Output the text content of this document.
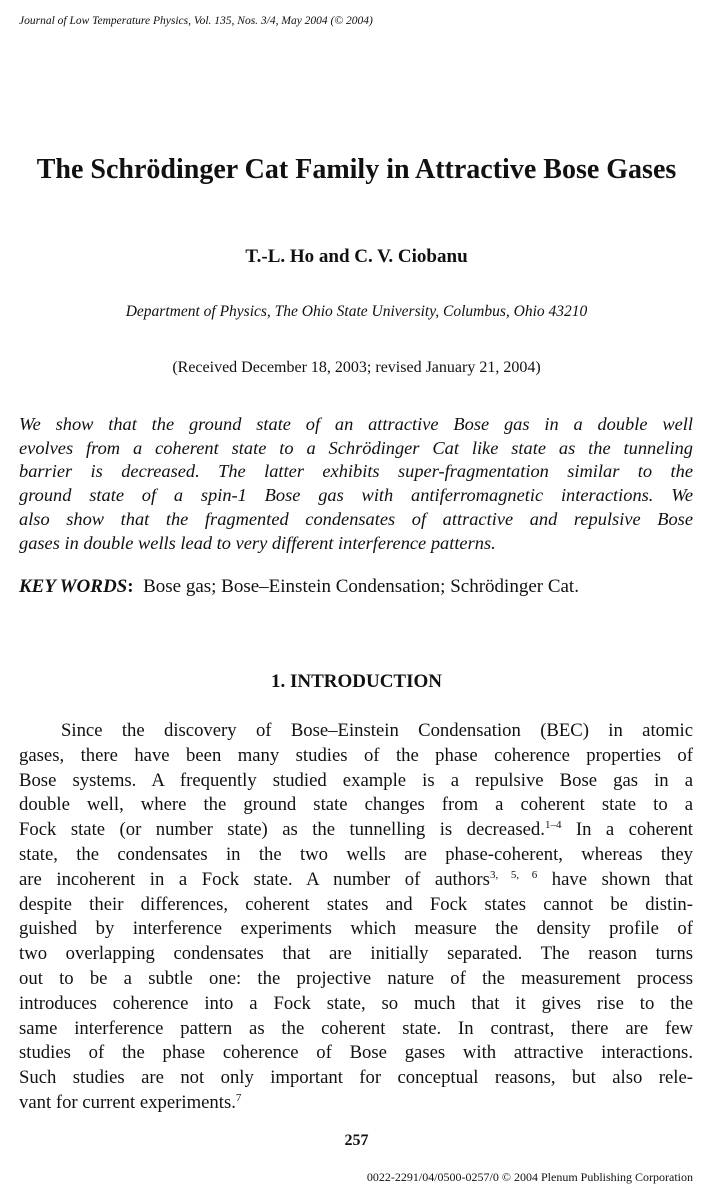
Journal of Low Temperature Physics, Vol. 135, Nos. 3/4, May 2004 (© 2004)
The Schrödinger Cat Family in Attractive Bose Gases
T.-L. Ho and C. V. Ciobanu
Department of Physics, The Ohio State University, Columbus, Ohio 43210
(Received December 18, 2003; revised January 21, 2004)
We show that the ground state of an attractive Bose gas in a double well
evolves from a coherent state to a Schrödinger Cat like state as the tunneling
barrier is decreased. The latter exhibits super-fragmentation similar to the
ground state of a spin-1 Bose gas with antiferromagnetic interactions. We
also show that the fragmented condensates of attractive and repulsive Bose
gases in double wells lead to very different interference patterns.
KEY WORDS: Bose gas; Bose–Einstein Condensation; Schrödinger Cat.
1. INTRODUCTION
Since the discovery of Bose–Einstein Condensation (BEC) in atomic
gases, there have been many studies of the phase coherence properties of
Bose systems. A frequently studied example is a repulsive Bose gas in a
double well, where the ground state changes from a coherent state to a
Fock state (or number state) as the tunnelling is decreased.$^{1-4}$ In a coherent
state, the condensates in the two wells are phase-coherent, whereas they
are incoherent in a Fock state. A number of authors$^{3, 5, 6}$ have shown that
despite their differences, coherent states and Fock states cannot be distin-
guished by interference experiments which measure the density profile of
two overlapping condensates that are initially separated. The reason turns
out to be a subtle one: the projective nature of the measurement process
introduces coherence into a Fock state, so much that it gives rise to the
same interference pattern as the coherent state. In contrast, there are few
studies of the phase coherence of Bose gases with attractive interactions.
Such studies are not only important for conceptual reasons, but also rele-
vant for current experiments.$^7$
257
0022-2291/04/0500-0257/0 © 2004 Plenum Publishing Corporation
